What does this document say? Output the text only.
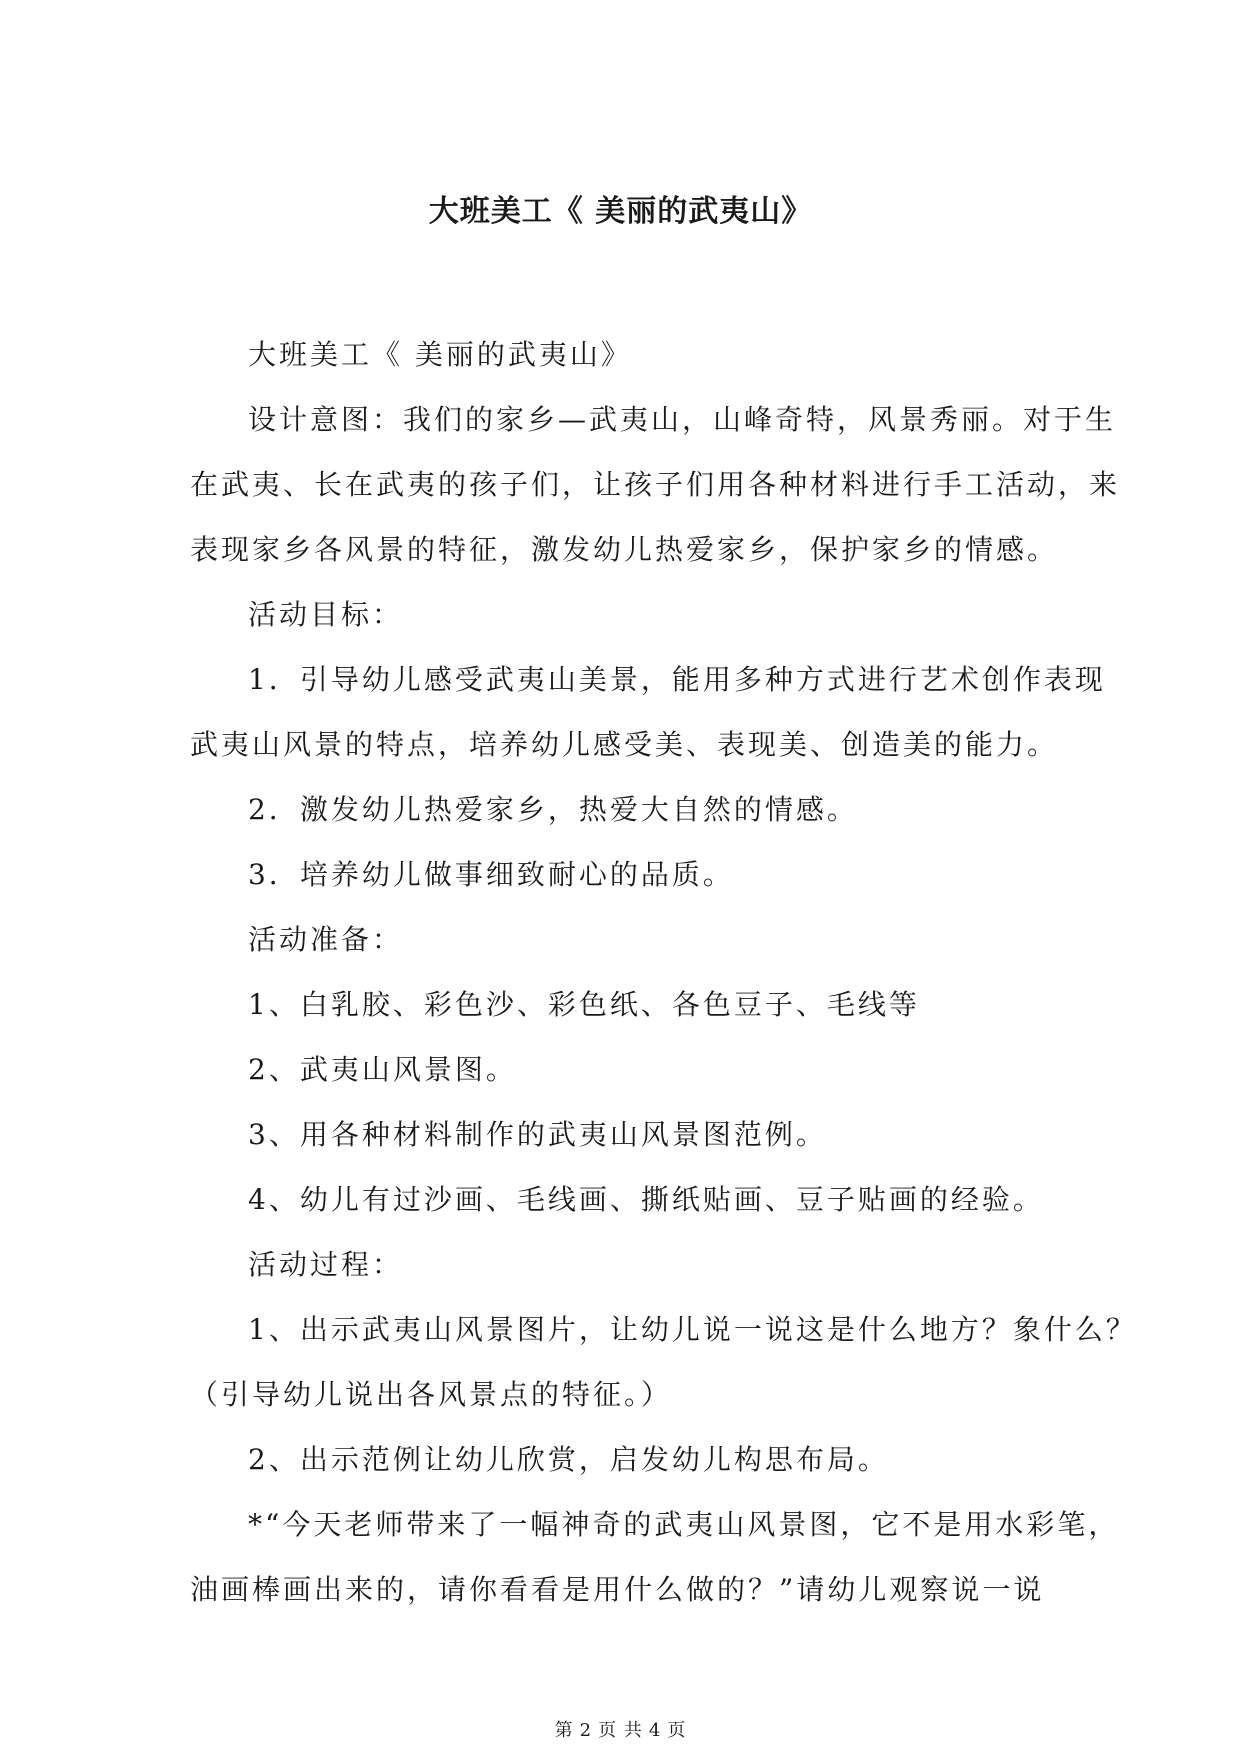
大班美工《 美丽的武夷山》

大班美工《 美丽的武夷山》

设计意图：我们的家乡—武夷山，山峰奇特，风景秀丽。对于生

在武夷、长在武夷的孩子们，让孩子们用各种材料进行手工活动，来

表现家乡各风景的特征，激发幼儿热爱家乡，保护家乡的情感。

活动目标：

1．引导幼儿感受武夷山美景，能用多种方式进行艺术创作表现

武夷山风景的特点，培养幼儿感受美、表现美、创造美的能力。

2．激发幼儿热爱家乡，热爱大自然的情感。

3．培养幼儿做事细致耐心的品质。

活动准备：

1、白乳胶、彩色沙、彩色纸、各色豆子、毛线等

2、武夷山风景图。

3、用各种材料制作的武夷山风景图范例。

4、幼儿有过沙画、毛线画、撕纸贴画、豆子贴画的经验。

活动过程：

1、出示武夷山风景图片，让幼儿说一说这是什么地方？象什么？

（引导幼儿说出各风景点的特征。）

2、出示范例让幼儿欣赏，启发幼儿构思布局。

*“今天老师带来了一幅神奇的武夷山风景图，它不是用水彩笔，

油画棒画出来的，请你看看是用什么做的？”请幼儿观察说一说

第 2 页 共 4 页
